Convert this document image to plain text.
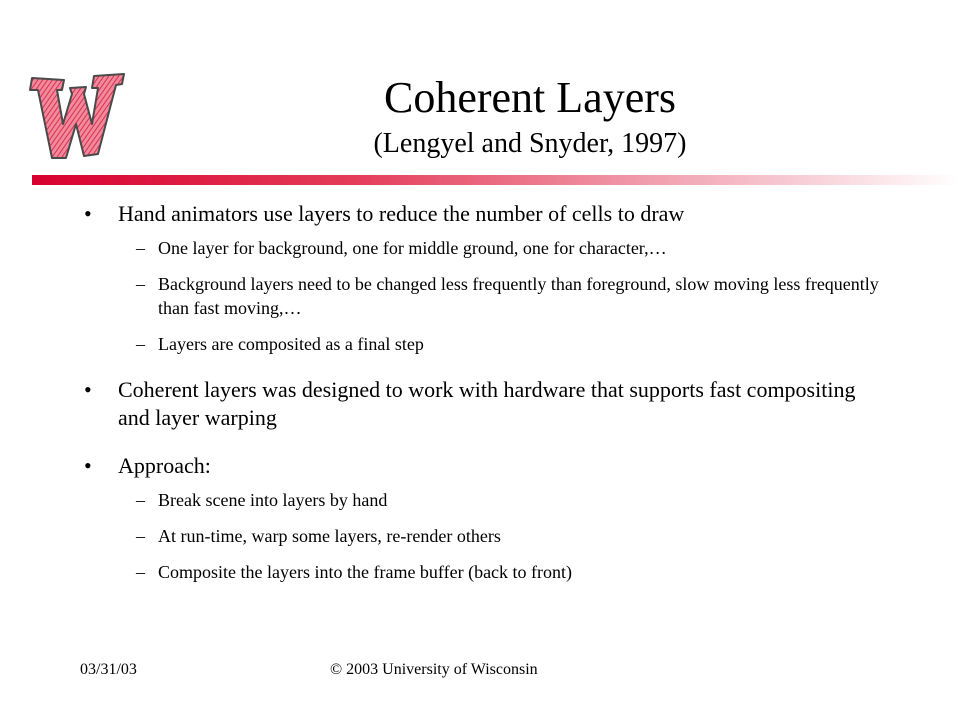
Coherent Layers
(Lengyel and Snyder, 1997)
• Hand animators use layers to reduce the number of cells to draw
– One layer for background, one for middle ground, one for character,…
– Background layers need to be changed less frequently than foreground, slow moving less frequently than fast moving,…
– Layers are composited as a final step
• Coherent layers was designed to work with hardware that supports fast compositing and layer warping
• Approach:
– Break scene into layers by hand
– At run-time, warp some layers, re-render others
– Composite the layers into the frame buffer (back to front)
03/31/03	© 2003 University of Wisconsin
